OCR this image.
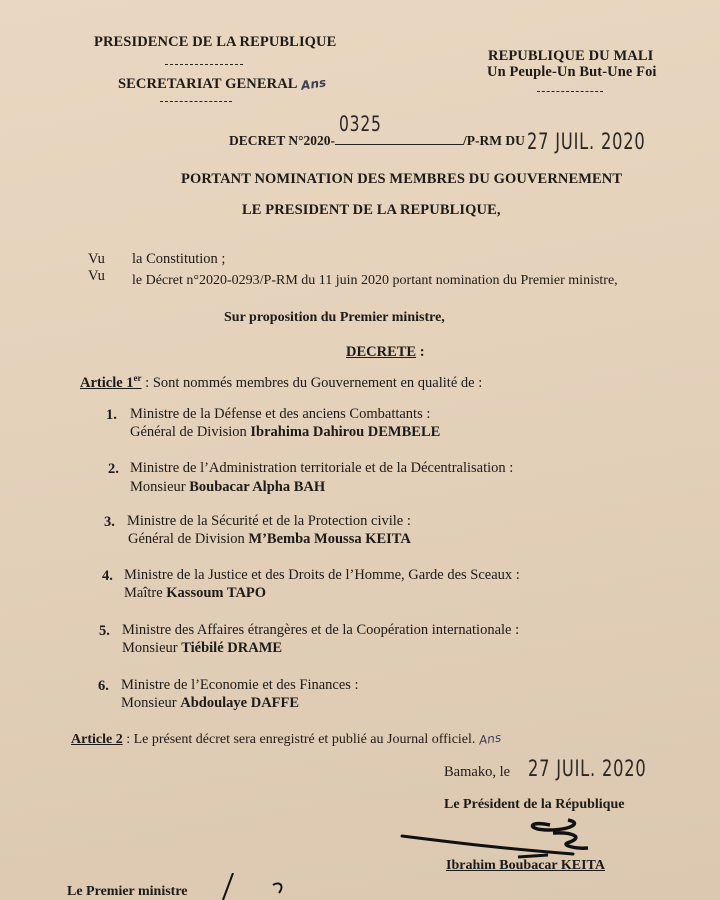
PRESIDENCE DE LA REPUBLIQUE
SECRETARIAT GENERAL Ans
REPUBLIQUE DU MALI
Un Peuple-Un But-Une Foi
DECRET N°2020-
0325
/P-RM DU 27 JUIL. 2020
PORTANT NOMINATION DES MEMBRES DU GOUVERNEMENT
LE PRESIDENT DE LA REPUBLIQUE,
Vu la Constitution ;
Vu le Décret n°2020-0293/P-RM du 11 juin 2020 portant nomination du Premier ministre,
Sur proposition du Premier ministre,
DECRETE :
Article 1er : Sont nommés membres du Gouvernement en qualité de :
1. Ministre de la Défense et des anciens Combattants :
Général de Division Ibrahima Dahirou DEMBELE
2. Ministre de l’Administration territoriale et de la Décentralisation :
Monsieur Boubacar Alpha BAH
3. Ministre de la Sécurité et de la Protection civile :
Général de Division M’Bemba Moussa KEITA
4. Ministre de la Justice et des Droits de l’Homme, Garde des Sceaux :
Maître Kassoum TAPO
5. Ministre des Affaires étrangères et de la Coopération internationale :
Monsieur Tiébilé DRAME
6. Ministre de l’Economie et des Finances :
Monsieur Abdoulaye DAFFE
Article 2 : Le présent décret sera enregistré et publié au Journal officiel. Ans
Bamako, le 27 JUIL. 2020
Le Président de la République
Ibrahim Boubacar KEITA
Le Premier ministre
